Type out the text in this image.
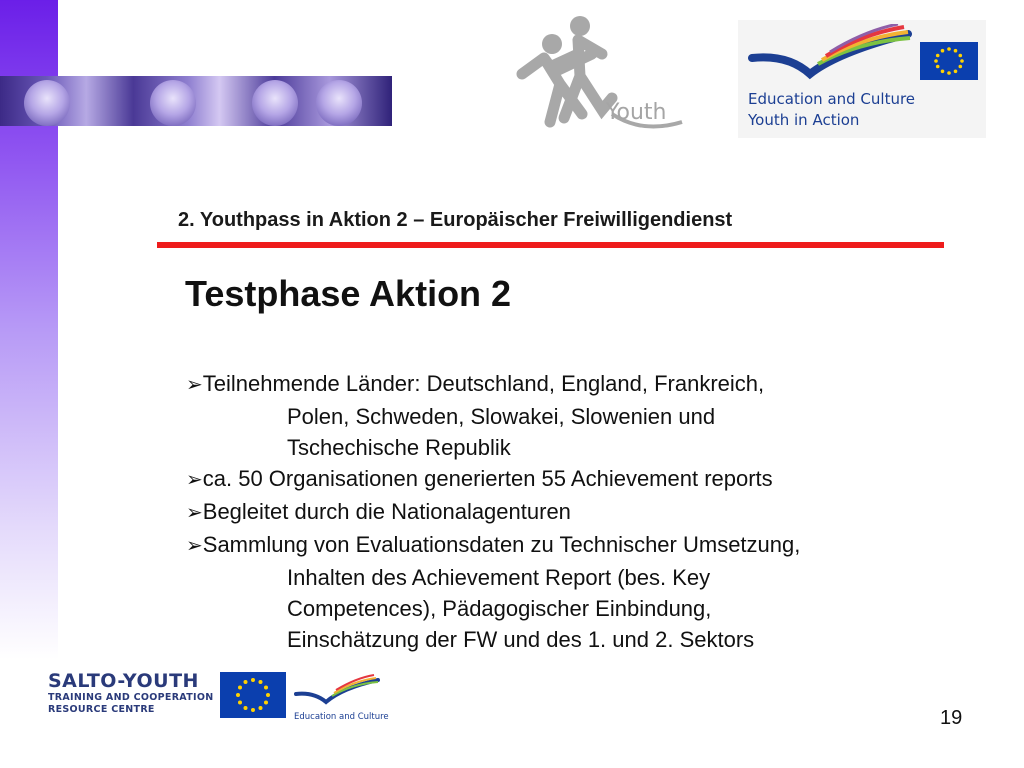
Youth
Education and Culture
Youth in Action
2. Youthpass in Aktion 2 – Europäischer Freiwilligendienst
Testphase Aktion 2
➢Teilnehmende Länder: Deutschland, England, Frankreich,
Polen, Schweden, Slowakei, Slowenien und
Tschechische Republik
➢ca. 50 Organisationen generierten 55 Achievement reports
➢Begleitet durch die Nationalagenturen
➢Sammlung von Evaluationsdaten zu Technischer Umsetzung,
Inhalten des Achievement Report (bes. Key
Competences), Pädagogischer Einbindung,
Einschätzung der FW und des 1. und 2. Sektors
SALTO-YOUTH
TRAINING AND COOPERATION
RESOURCE CENTRE
Education and Culture	19
